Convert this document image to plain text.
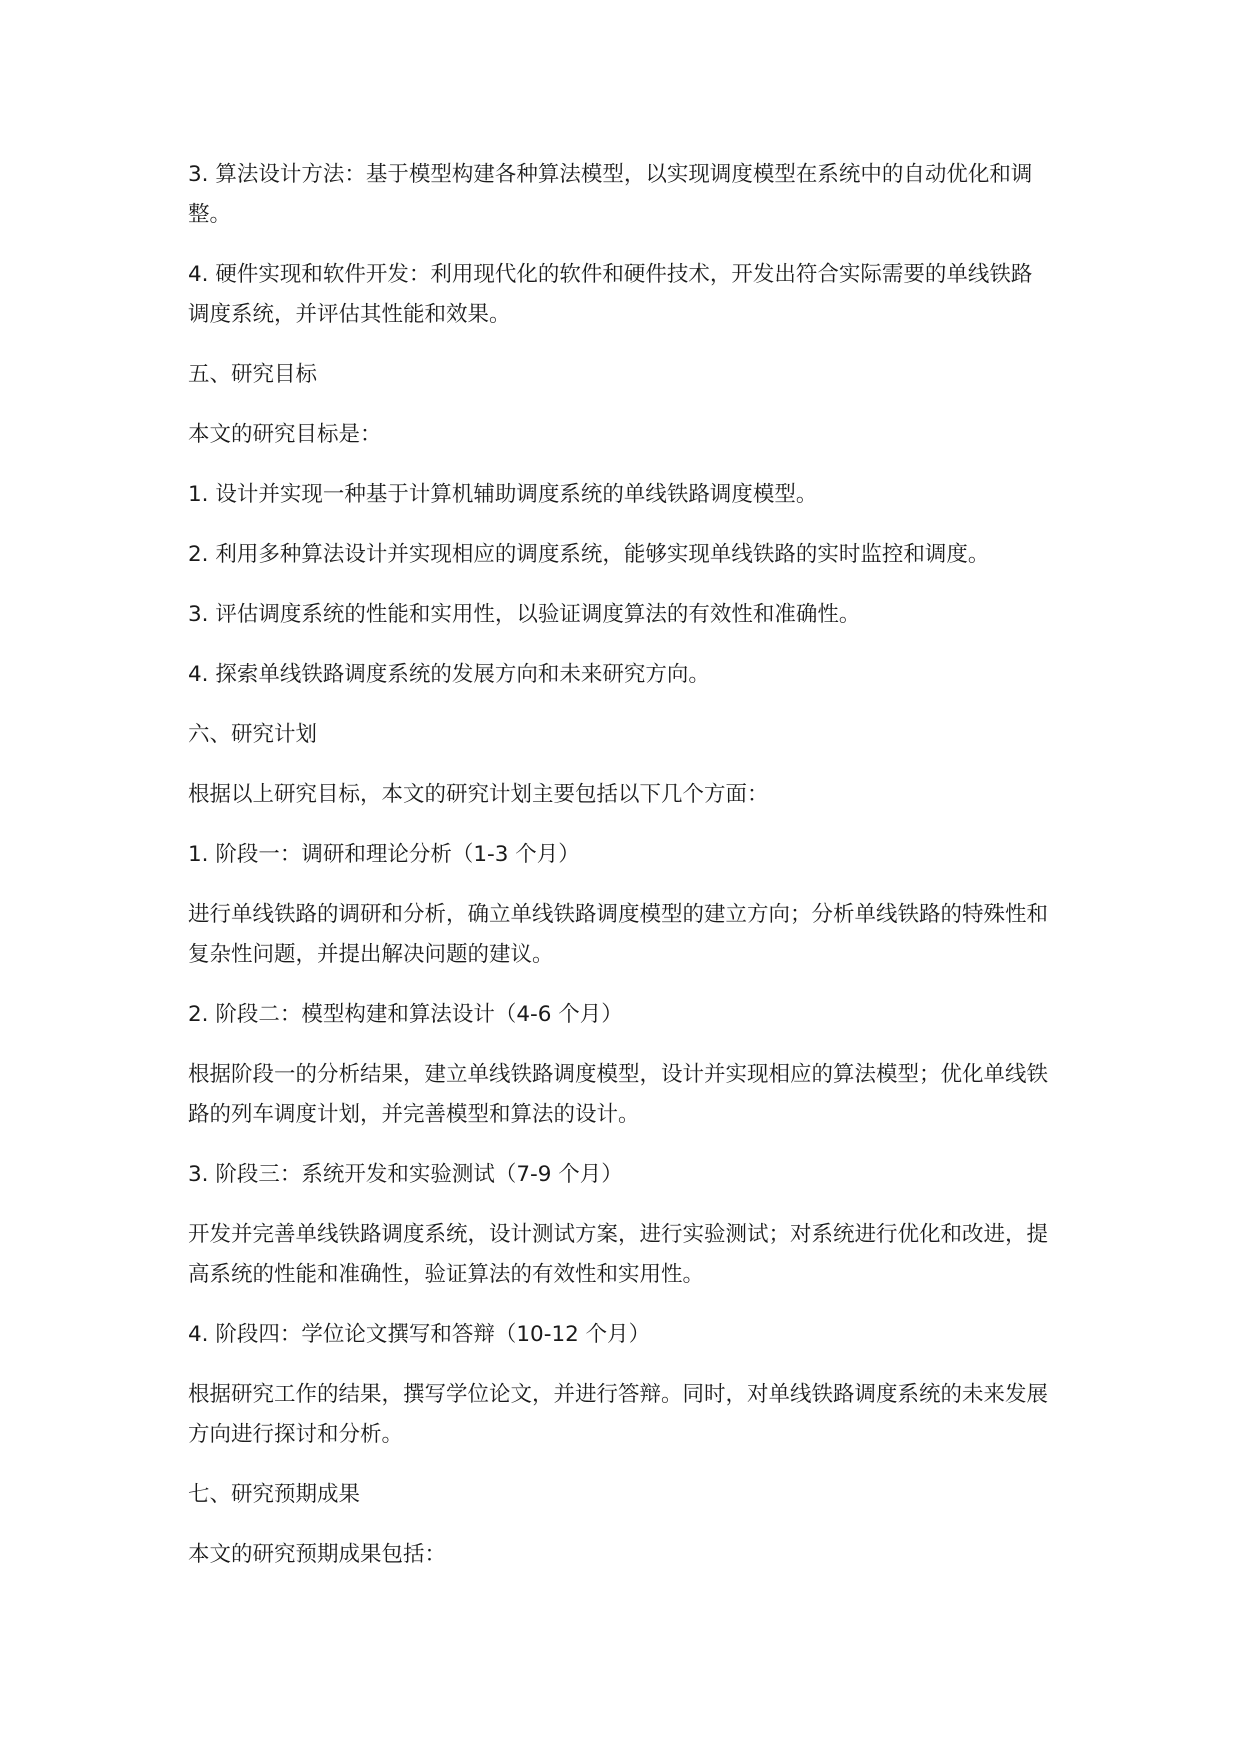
3. 算法设计方法：基于模型构建各种算法模型，以实现调度模型在系统中的自动优化和调整。

4. 硬件实现和软件开发：利用现代化的软件和硬件技术，开发出符合实际需要的单线铁路调度系统，并评估其性能和效果。

五、研究目标

本文的研究目标是：

1. 设计并实现一种基于计算机辅助调度系统的单线铁路调度模型。

2. 利用多种算法设计并实现相应的调度系统，能够实现单线铁路的实时监控和调度。

3. 评估调度系统的性能和实用性，以验证调度算法的有效性和准确性。

4. 探索单线铁路调度系统的发展方向和未来研究方向。

六、研究计划

根据以上研究目标，本文的研究计划主要包括以下几个方面：

1. 阶段一：调研和理论分析（1-3 个月）

进行单线铁路的调研和分析，确立单线铁路调度模型的建立方向；分析单线铁路的特殊性和复杂性问题，并提出解决问题的建议。

2. 阶段二：模型构建和算法设计（4-6 个月）

根据阶段一的分析结果，建立单线铁路调度模型，设计并实现相应的算法模型；优化单线铁路的列车调度计划，并完善模型和算法的设计。

3. 阶段三：系统开发和实验测试（7-9 个月）

开发并完善单线铁路调度系统，设计测试方案，进行实验测试；对系统进行优化和改进，提高系统的性能和准确性，验证算法的有效性和实用性。

4. 阶段四：学位论文撰写和答辩（10-12 个月）

根据研究工作的结果，撰写学位论文，并进行答辩。同时，对单线铁路调度系统的未来发展方向进行探讨和分析。

七、研究预期成果

本文的研究预期成果包括：
